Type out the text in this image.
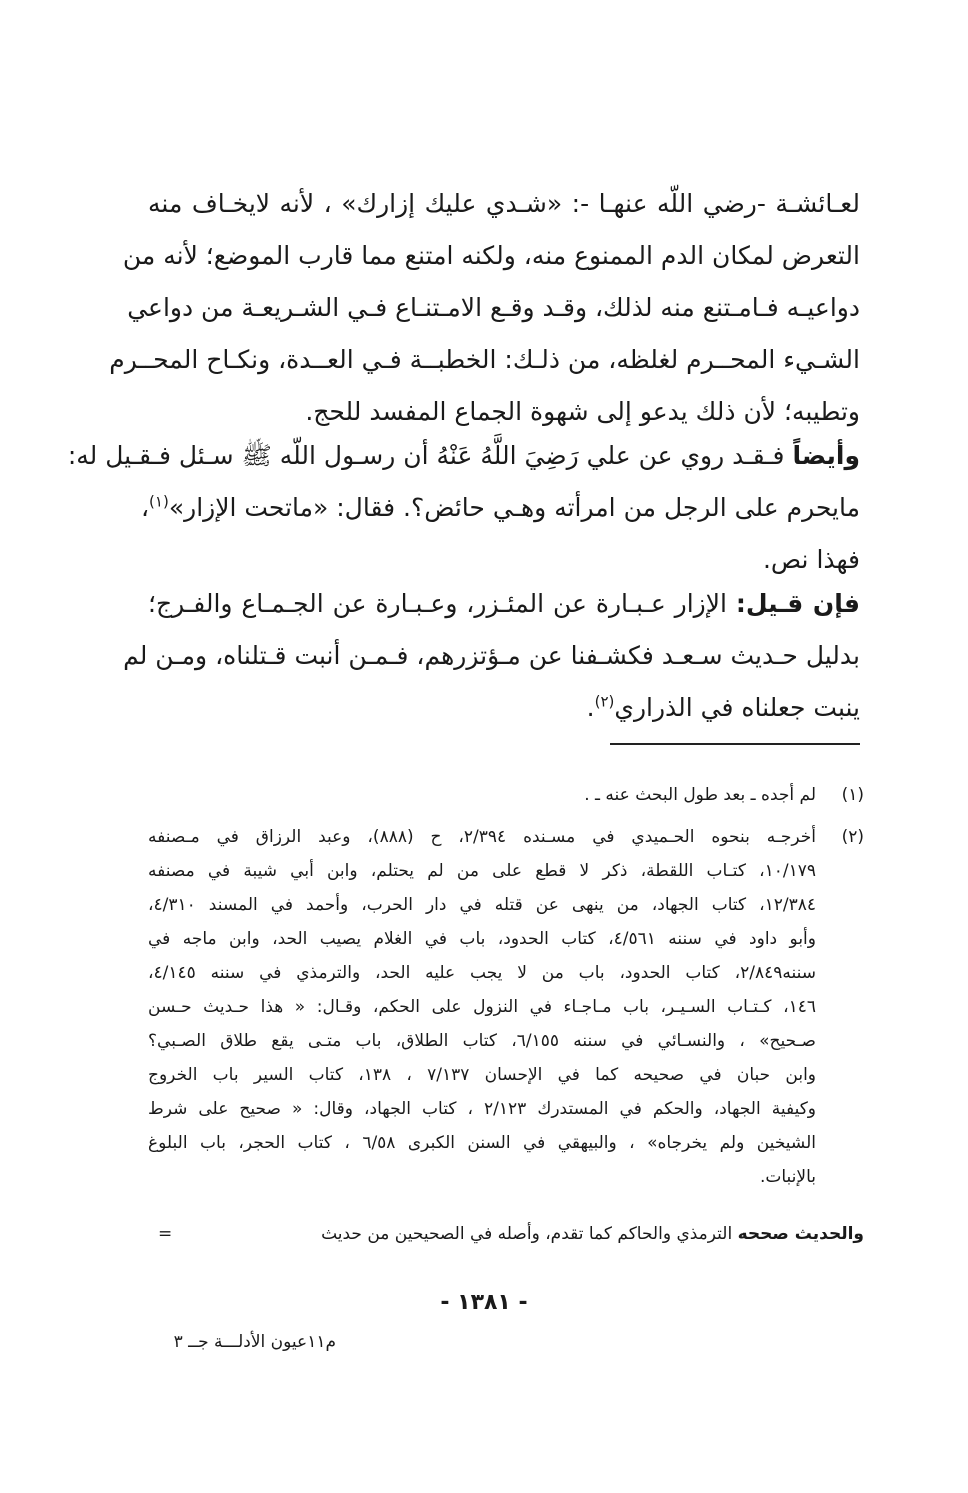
لعـائشـة -رضي اللّه عنهـا -: «شـدي عليك إزارك» ، لأنه لايخـاف منه
التعرض لمكان الدم الممنوع منه، ولكنه امتنع مما قارب الموضع؛ لأنه من
دواعيـه فـامـتنع منه لذلك، وقـد وقـع الامـتنـاع فـي الشـريعـة من دواعي
الشـيء المحــرم لغلظه، من ذلـك: الخطبــة فـي العــدة، ونكـاح المحــرم
وتطيبه؛ لأن ذلك يدعو إلى شهوة الجماع المفسد للحج.
وأيضاً فـقـد روي عن علي رَضِيَ اللَّهُ عَنْهُ أن رسـول اللّه ﷺ سـئل فـقـيل له:
مايحرم على الرجل من امرأته وهـي حائض؟. فقال: «ماتحت الإزار»$^{(١)}$،
فهذا نص.
فإن قـيل: الإزار عـبـارة عن المئـزر، وعـبـارة عن الجـمـاع والفـرج؛
بدليل حـديث سـعـد فكشـفنا عن مـؤتزرهم، فـمـن أنبت قـتلناه، ومـن لم
ينبت جعلناه في الذراري$^{(٢)}$.
(١)
لم أجده ـ بعد طول البحث عنه ـ .
(٢)
أخرجـه بنحوه الحـميدي في مسـنده ٢/٣٩٤، ح (٨٨٨)، وعبد الرزاق في مـصنفه
١٠/١٧٩، كتـاب اللقطة، ذكر لا قطع على من لم يحتلم، وابن أبي شيبة في مصنفه
١٢/٣٨٤، كتاب الجهاد، من ينهى عن قتله في دار الحرب، وأحمد في المسند ٤/٣١٠،
وأبو داود في سننه ٤/٥٦١، كتاب الحدود، باب في الغلام يصيب الحد، وابن ماجه في
سننه٢/٨٤٩، كتاب الحدود، باب من لا يجب عليه الحد، والترمذي في سننه ٤/١٤٥،
١٤٦، كـتـاب السـيـر، باب مـاجـاء في النزول على الحكم، وقـال: « هذا حـديث حـسن
صـحيح» ، والنسـائي في سننه ٦/١٥٥، كتاب الطلاق، باب متـى يقع طلاق الصـبي؟
وابن حبان في صحيحه كما في الإحسان ٧/١٣٧ ، ١٣٨، كتاب السير باب الخروج
وكيفية الجهاد، والحكم في المستدرك ٢/١٢٣ ، كتاب الجهاد، وقال: « صحيح على شرط
الشيخين ولم يخرجاه» ، والبيهقي في السنن الكبرى ٦/٥٨ ، كتاب الحجر، باب البلوغ
بالإنبات.
والحديث صححه الترمذي والحاكم كما تقدم، وأصله في الصحيحين من حديث
=
- ١٣٨١ -
م١١عيون الأدلـــة جــ ٣
